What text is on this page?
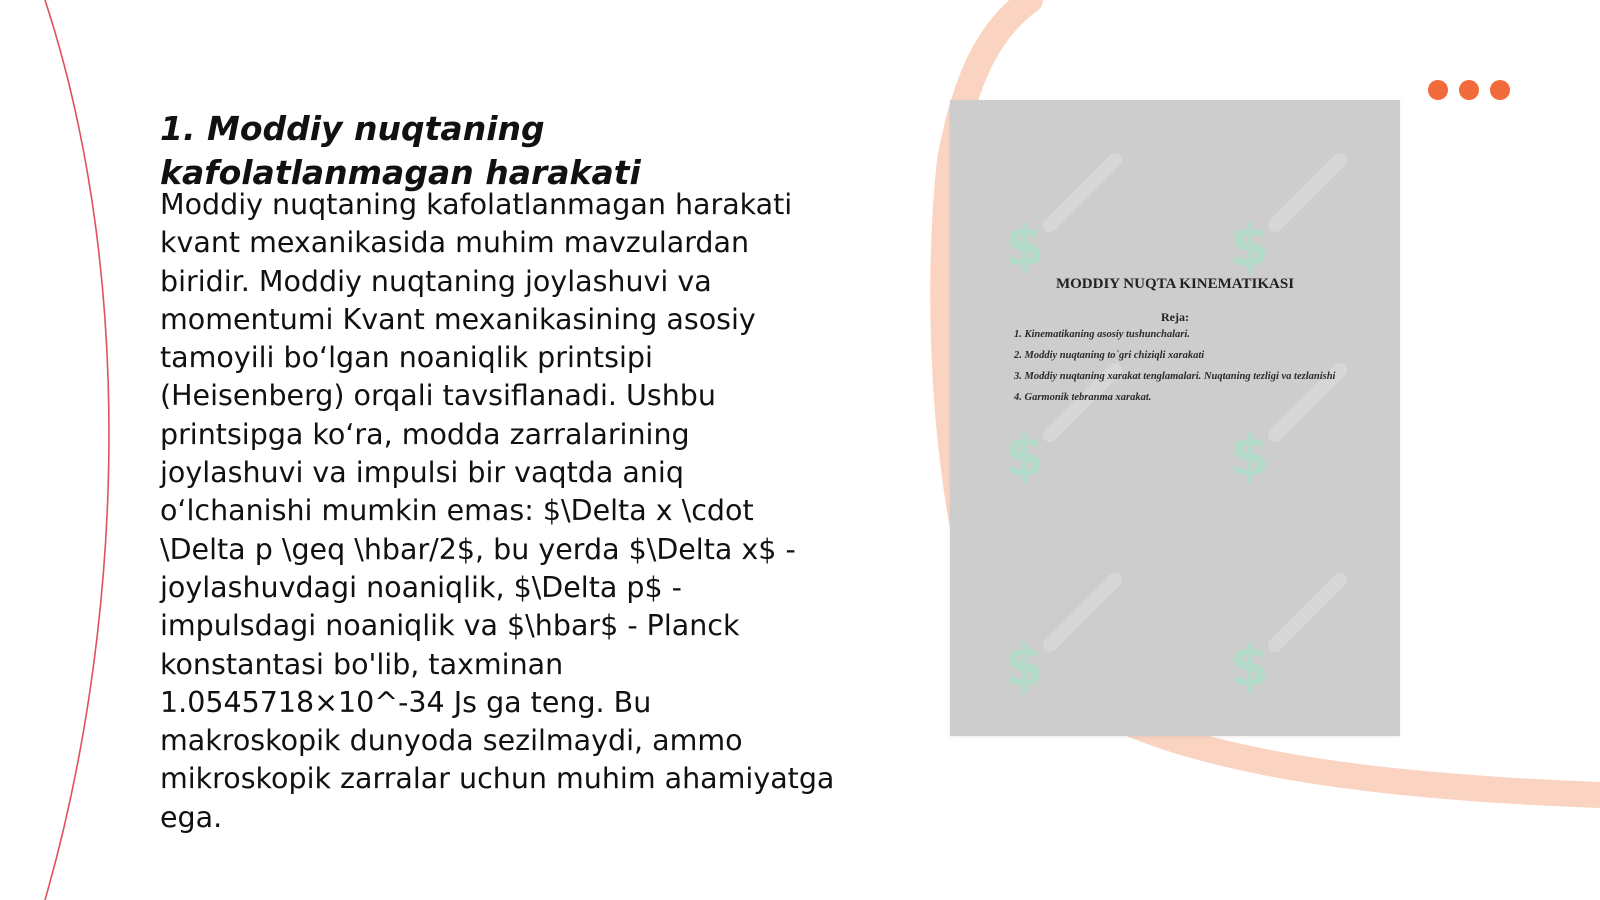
1. Moddiy nuqtaning kafolatlanmagan harakati

Moddiy nuqtaning kafolatlanmagan harakati kvant mexanikasida muhim mavzulardan biridir. Moddiy nuqtaning joylashuvi va momentumi Kvant mexanikasining asosiy tamoyili boʻlgan noaniqlik printsipi (Heisenberg) orqali tavsiflanadi. Ushbu printsipga koʻra, modda zarralarining joylashuvi va impulsi bir vaqtda aniq oʻlchanishi mumkin emas: $\Delta x \cdot \Delta p \geq \hbar/2$, bu yerda $\Delta x$ - joylashuvdagi noaniqlik, $\Delta p$ - impulsdagi noaniqlik va $\hbar$ - Planck konstantasi bo'lib, taxminan 1.0545718×10^-34 Js ga teng. Bu makroskopik dunyoda sezilmaydi, ammo mikroskopik zarralar uchun muhim ahamiyatga ega.

$	$
$	$
$	$
MODDIY NUQTA KINEMATIKASI
Reja:
1. Kinematikaning asosiy tushunchalari.
2. Moddiy nuqtaning to`gri chiziqli xarakati
3. Moddiy nuqtaning xarakat tenglamalari. Nuqtaning tezligi va tezlanishi
4. Garmonik tebranma xarakat.
